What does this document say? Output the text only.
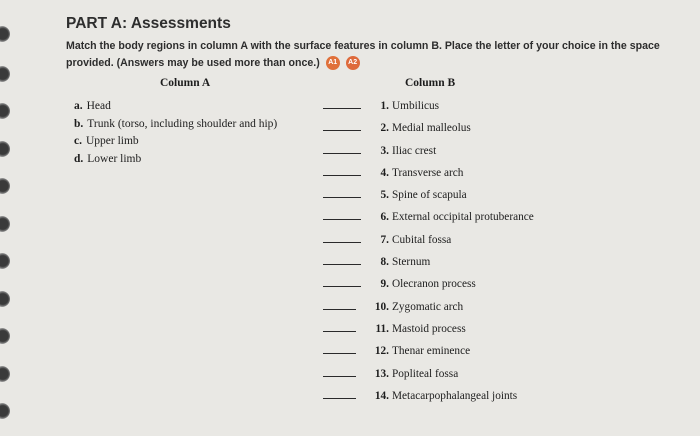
PART A: Assessments
Match the body regions in column A with the surface features in column B. Place the letter of your choice in the space provided. (Answers may be used more than once.) A1 A2
Column A	Column B
a. Head
b. Trunk (torso, including shoulder and hip)
c. Upper limb
d. Lower limb
1. Umbilicus
2. Medial malleolus
3. Iliac crest
4. Transverse arch
5. Spine of scapula
6. External occipital protuberance
7. Cubital fossa
8. Sternum
9. Olecranon process
10. Zygomatic arch
11. Mastoid process
12. Thenar eminence
13. Popliteal fossa
14. Metacarpophalangeal joints
